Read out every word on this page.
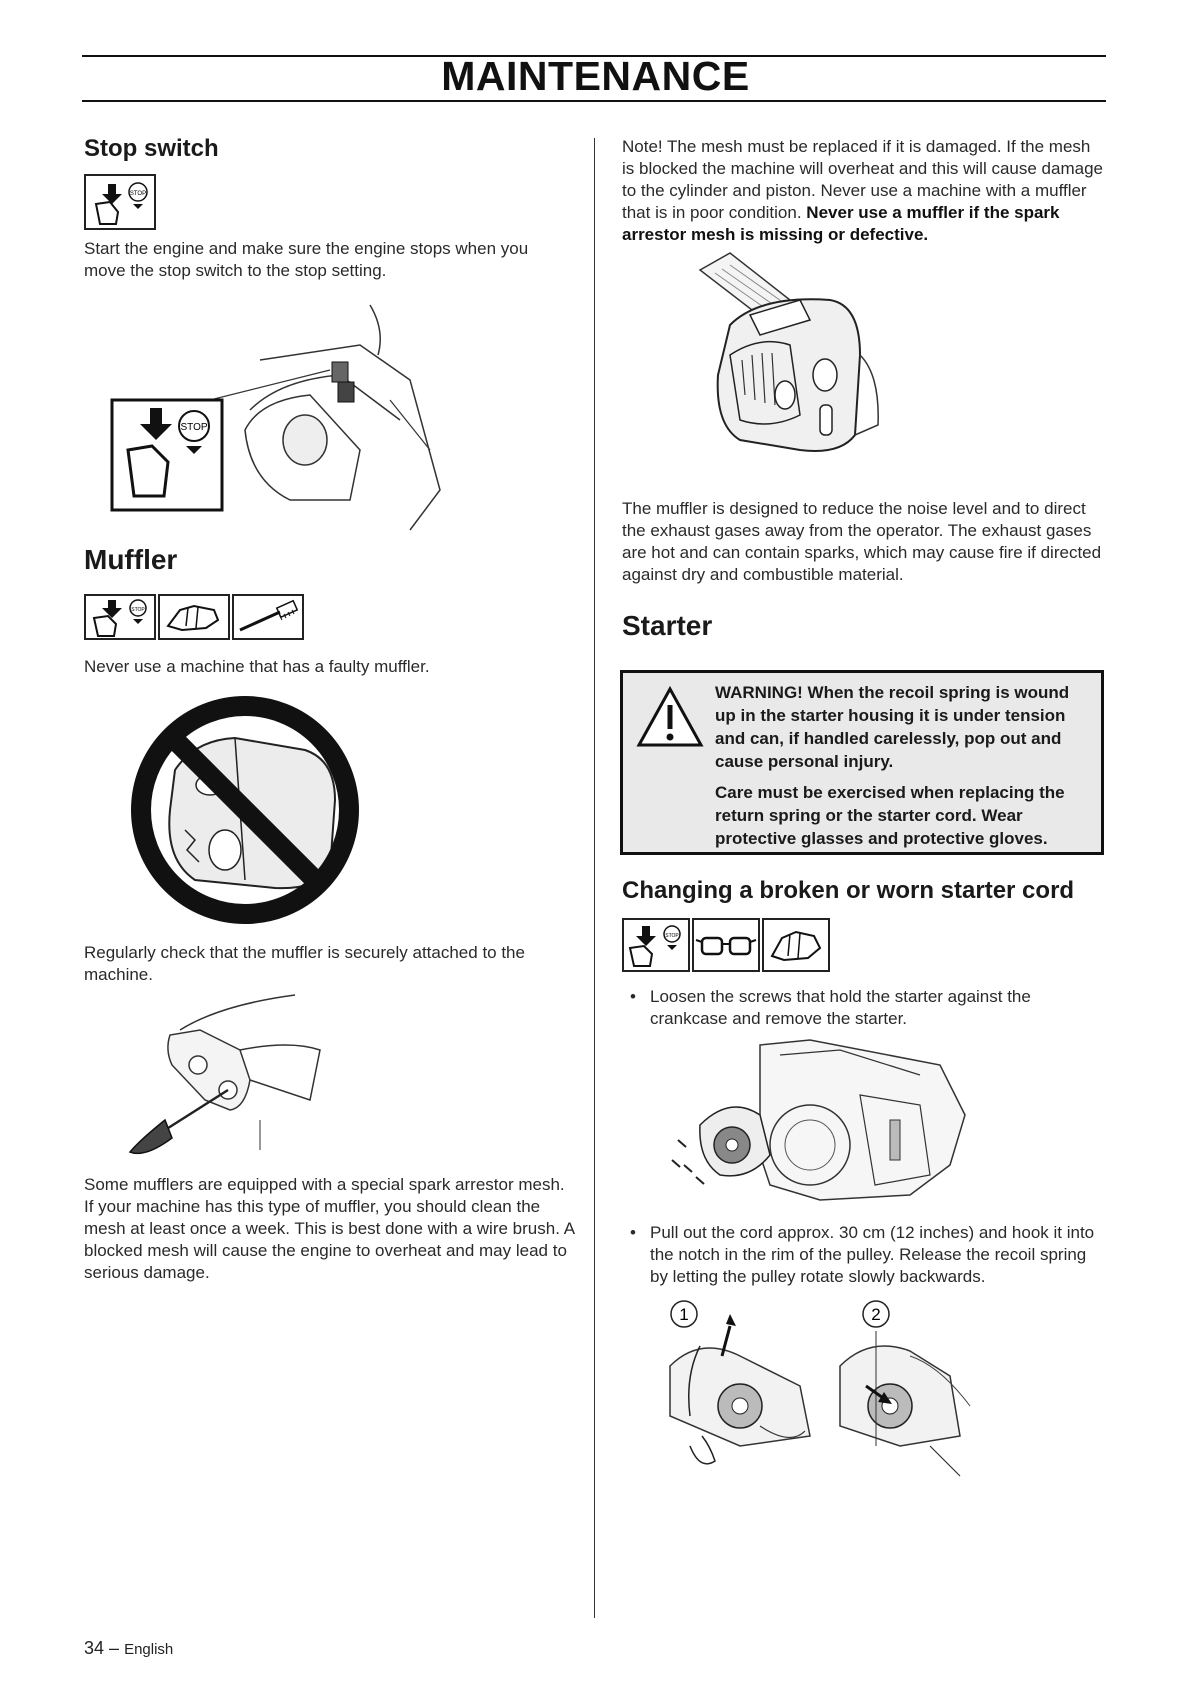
MAINTENANCE
Stop switch
STOP
Start the engine and make sure the engine stops when you move the stop switch to the stop setting.
STOP
Muffler
STOP
Never use a machine that has a faulty muffler.
Regularly check that the muffler is securely attached to the machine.
Some mufflers are equipped with a special spark arrestor mesh. If your machine has this type of muffler, you should clean the mesh at least once a week. This is best done with a wire brush. A blocked mesh will cause the engine to overheat and may lead to serious damage.
Note! The mesh must be replaced if it is damaged. If the mesh is blocked the machine will overheat and this will cause damage to the cylinder and piston. Never use a machine with a muffler that is in poor condition. Never use a muffler if the spark arrestor mesh is missing or defective.
The muffler is designed to reduce the noise level and to direct the exhaust gases away from the operator. The exhaust gases are hot and can contain sparks, which may cause fire if directed against dry and combustible material.
Starter

WARNING! When the recoil spring is wound up in the starter housing it is under tension and can, if handled carelessly, pop out and cause personal injury.

Care must be exercised when replacing the return spring or the starter cord. Wear protective glasses and protective gloves.

Changing a broken or worn starter cord
STOP
• Loosen the screws that hold the starter against the crankcase and remove the starter.
• Pull out the cord approx. 30 cm (12 inches) and hook it into the notch in the rim of the pulley. Release the recoil spring by letting the pulley rotate slowly backwards.
1	2
34 – English
